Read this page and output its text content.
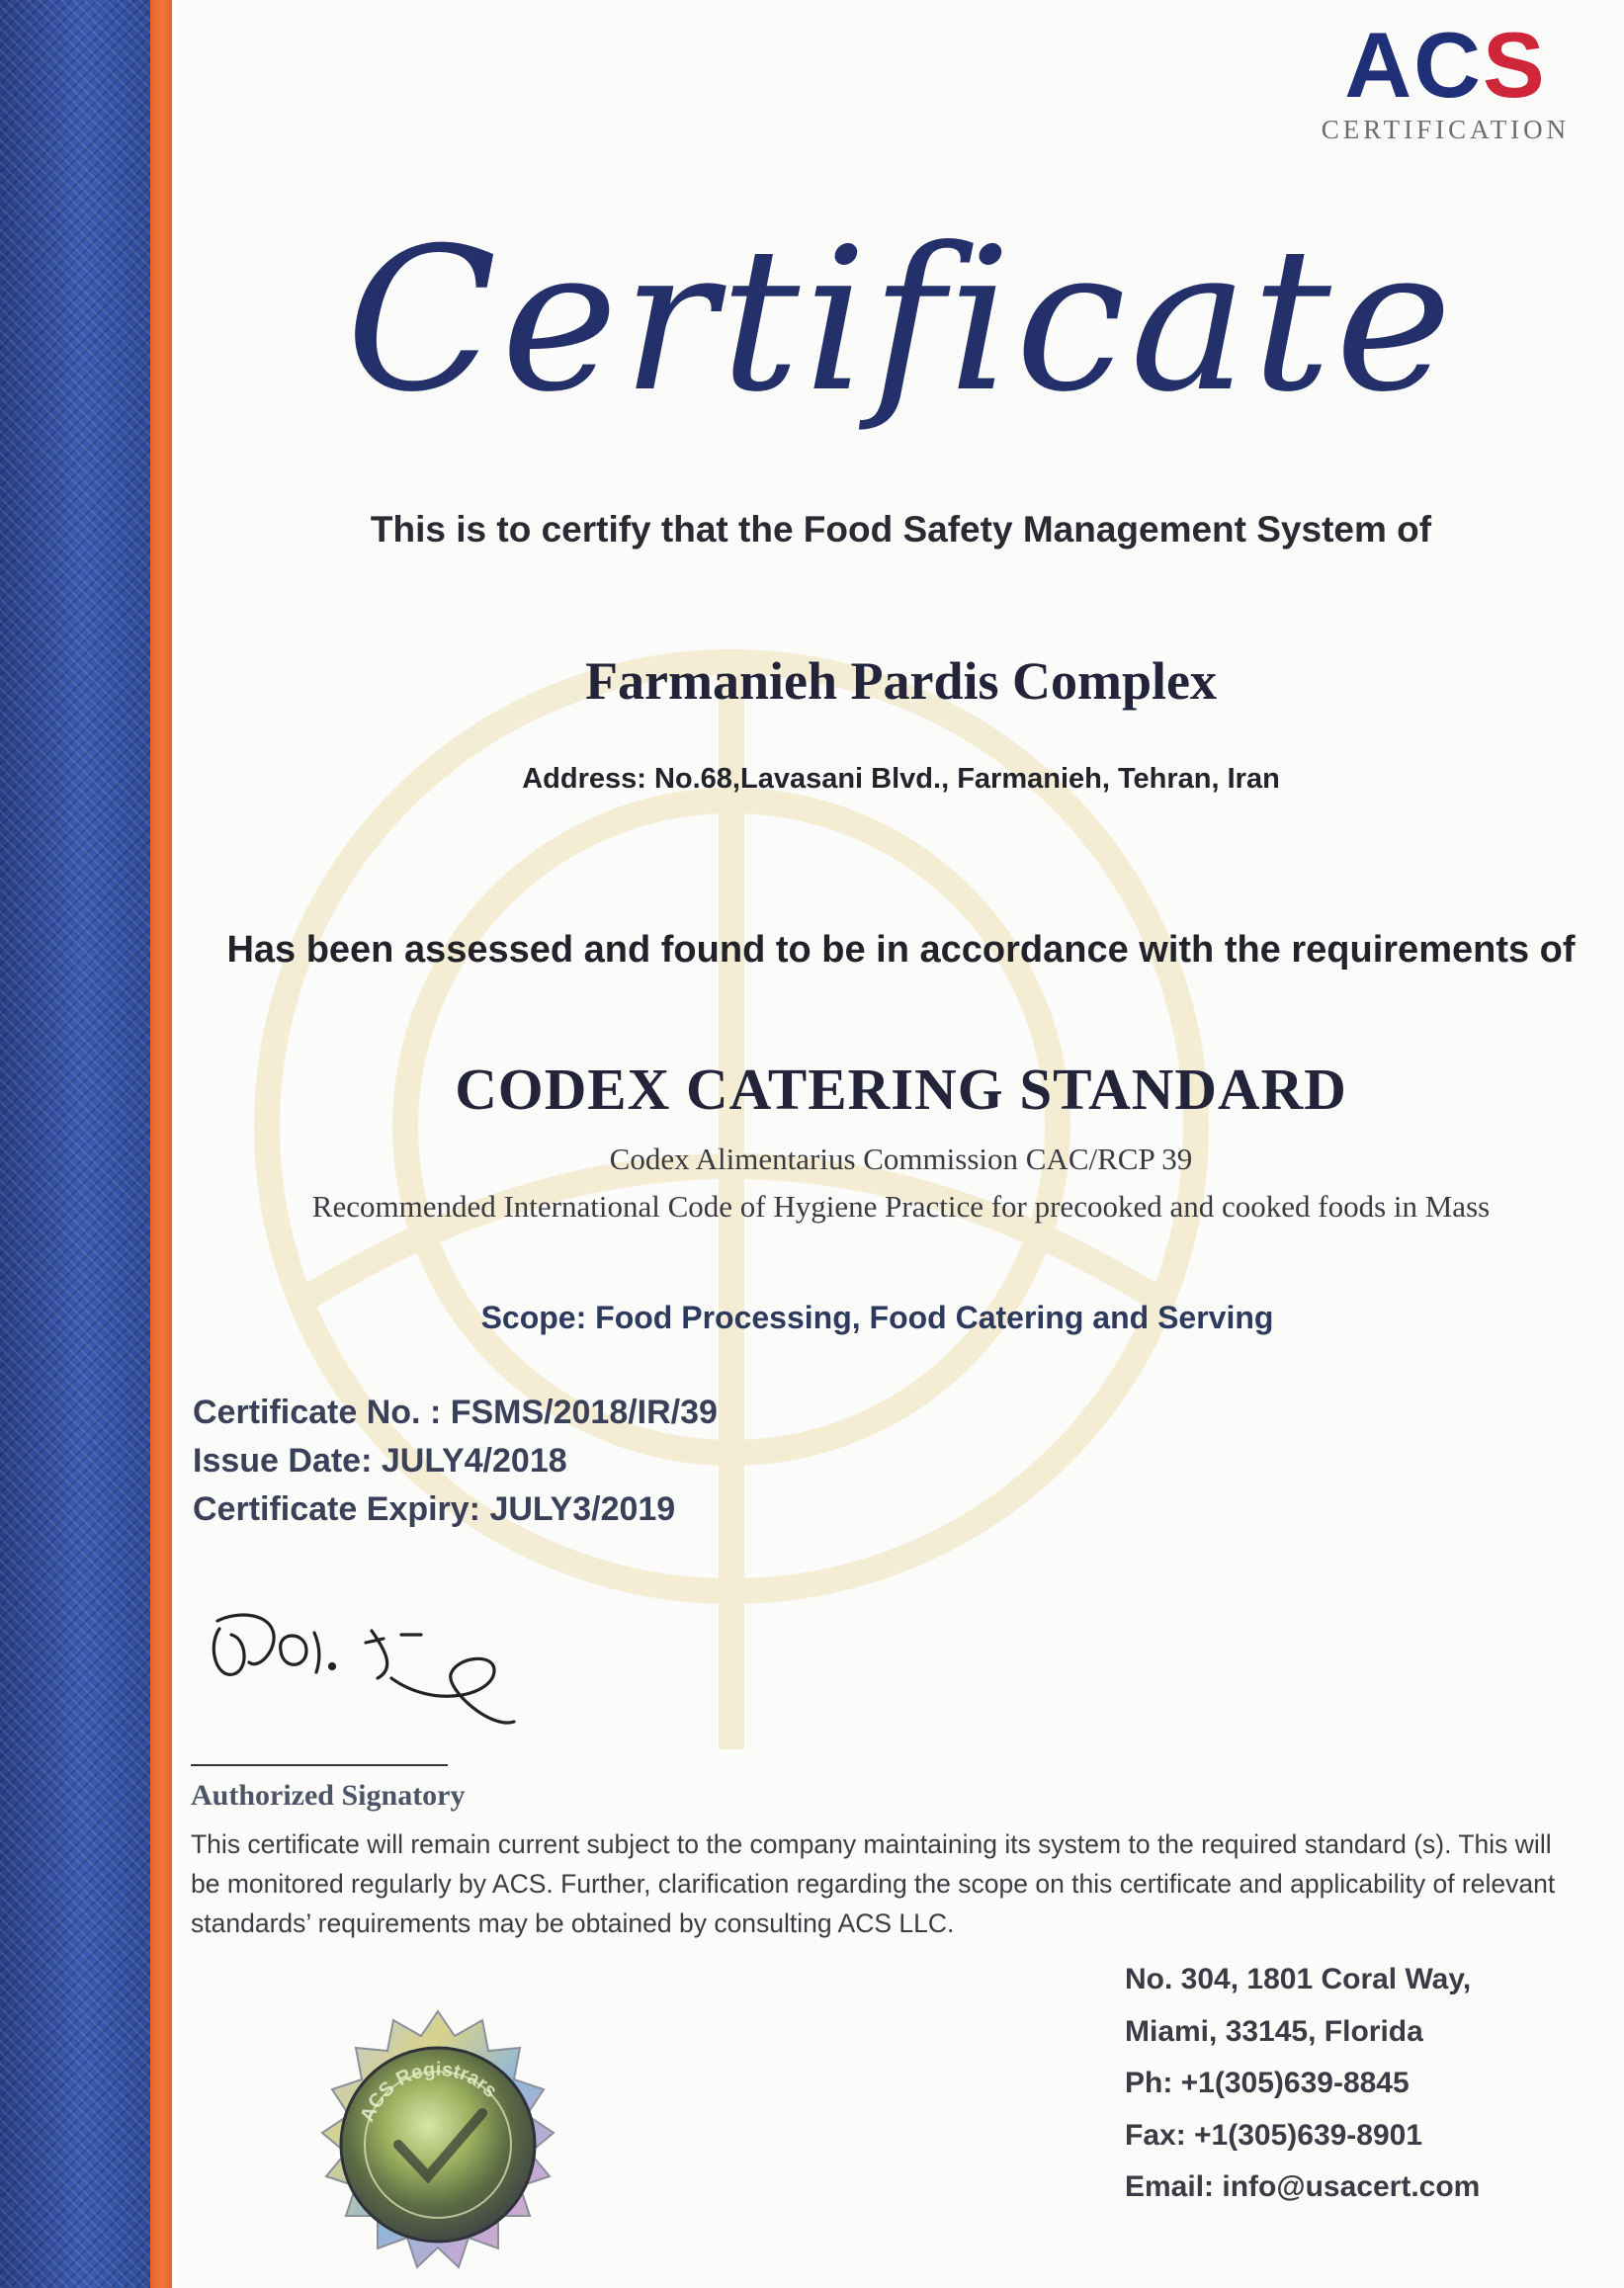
ACS
CERTIFICATION
Certificate
This is to certify that the Food Safety Management System of
Farmanieh Pardis Complex
Address: No.68,Lavasani Blvd., Farmanieh, Tehran, Iran
Has been assessed and found to be in accordance with the requirements of
CODEX CATERING STANDARD
Codex Alimentarius Commission CAC/RCP 39
Recommended International Code of Hygiene Practice for precooked and cooked foods in Mass
Scope: Food Processing, Food Catering and Serving
Certificate No. : FSMS/2018/IR/39
Issue Date: JULY4/2018
Certificate Expiry: JULY3/2019
Authorized Signatory
This certificate will remain current subject to the company maintaining its system to the required standard (s). This will
be monitored regularly by ACS. Further, clarification regarding the scope on this certificate and applicability of relevant
standards’ requirements may be obtained by consulting ACS LLC.
No. 304, 1801 Coral Way,
Miami, 33145, Florida
Ph: +1(305)639-8845
Fax: +1(305)639-8901
Email: info@usacert.com
ACS Registrars
